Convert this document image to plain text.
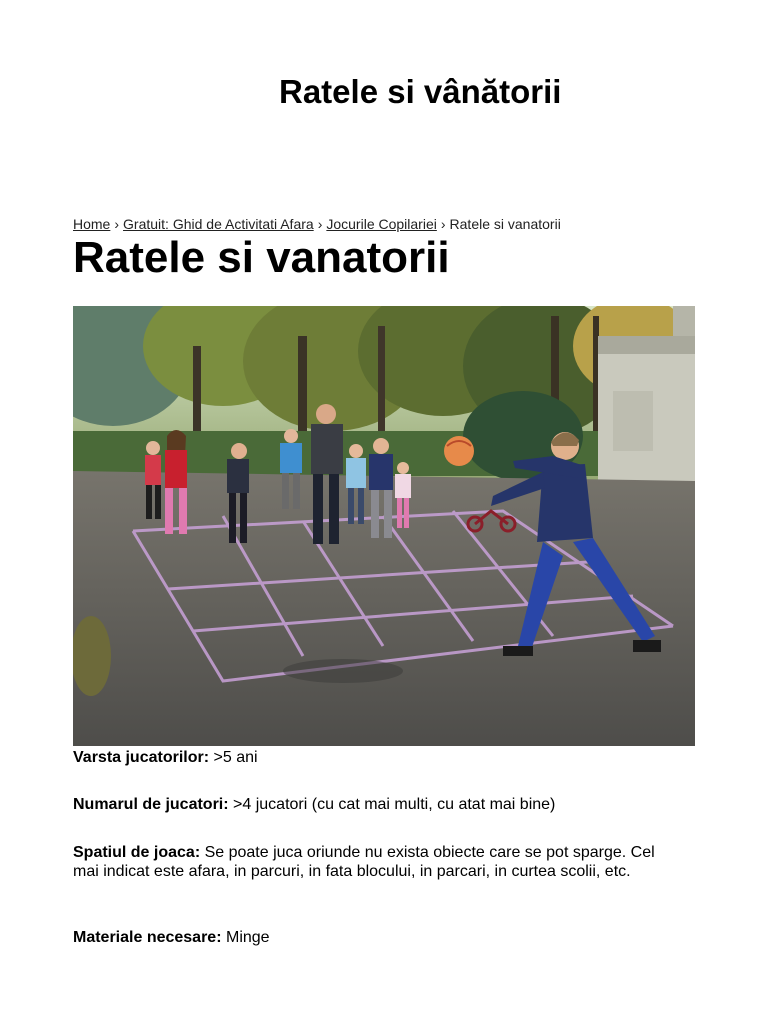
Ratele si vânătorii
Home › Gratuit: Ghid de Activitati Afara › Jocurile Copilariei › Ratele si vanatorii
Ratele si vanatorii

Varsta jucatorilor: >5 ani

Numarul de jucatori: >4 jucatori (cu cat mai multi, cu atat mai bine)

Spatiul de joaca: Se poate juca oriunde nu exista obiecte care se pot sparge. Cel mai indicat este afara, in parcuri, in fata blocului, in parcari, in curtea scolii, etc.

Materiale necesare: Minge
